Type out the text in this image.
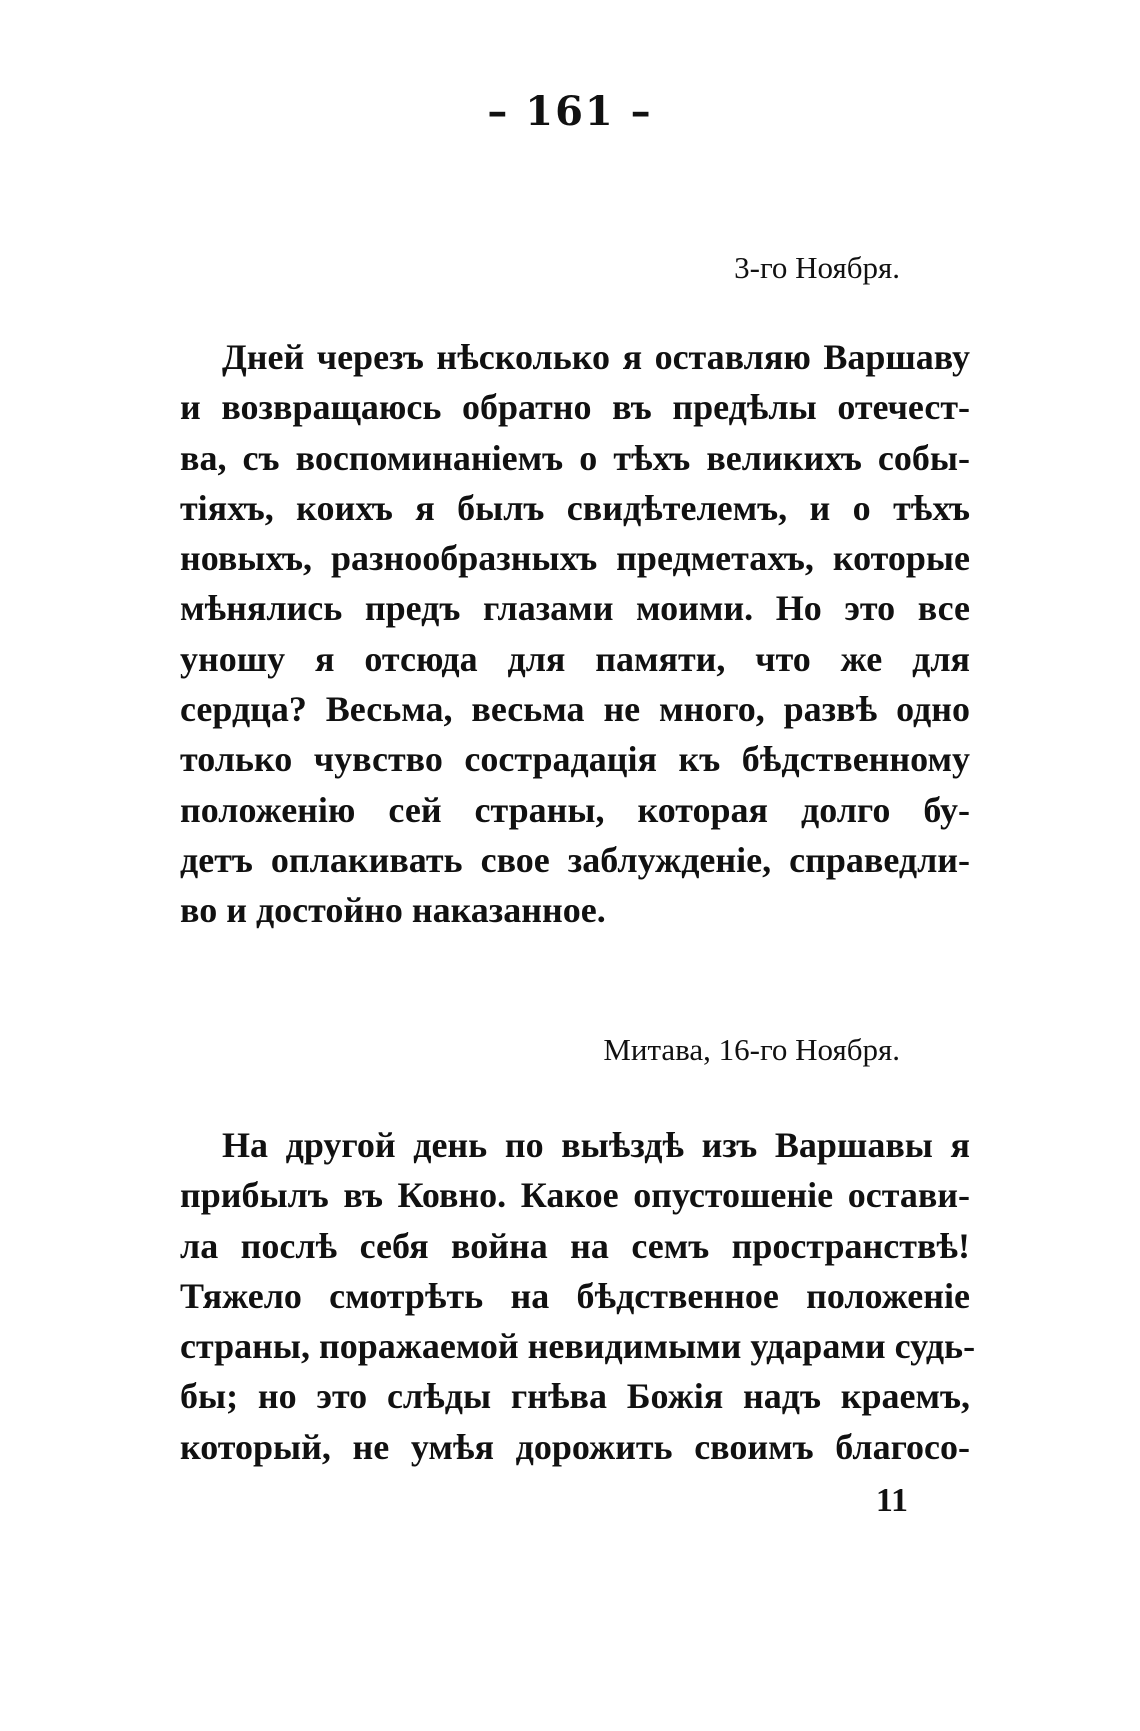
– 161 –
3-го Ноября.
Дней черезъ нѣсколько я оставляю Варшаву
и возвращаюсь обратно въ предѣлы отечест-
ва, съ воспоминаніемъ о тѣхъ великихъ собы-
тіяхъ, коихъ я былъ свидѣтелемъ, и о тѣхъ
новыхъ, разнообразныхъ предметахъ, которые
мѣнялись предъ глазами моими. Но это все
уношу я отсюда для памяти, что же для
сердца? Весьма, весьма не много, развѣ одно
только чувство сострадація къ бѣдственному
положенію сей страны, которая долго бу-
детъ оплакивать свое заблужденіе, справедли-
во и достойно наказанное.
Митава, 16-го Ноября.
На другой день по выѣздѣ изъ Варшавы я
прибылъ въ Ковно. Какое опустошеніе остави-
ла послѣ себя война на семъ пространствѣ!
Тяжело смотрѣть на бѣдственное положеніе
страны, поражаемой невидимыми ударами судь-
бы; но это слѣды гнѣва Божія надъ краемъ,
который, не умѣя дорожить своимъ благосо-
11
